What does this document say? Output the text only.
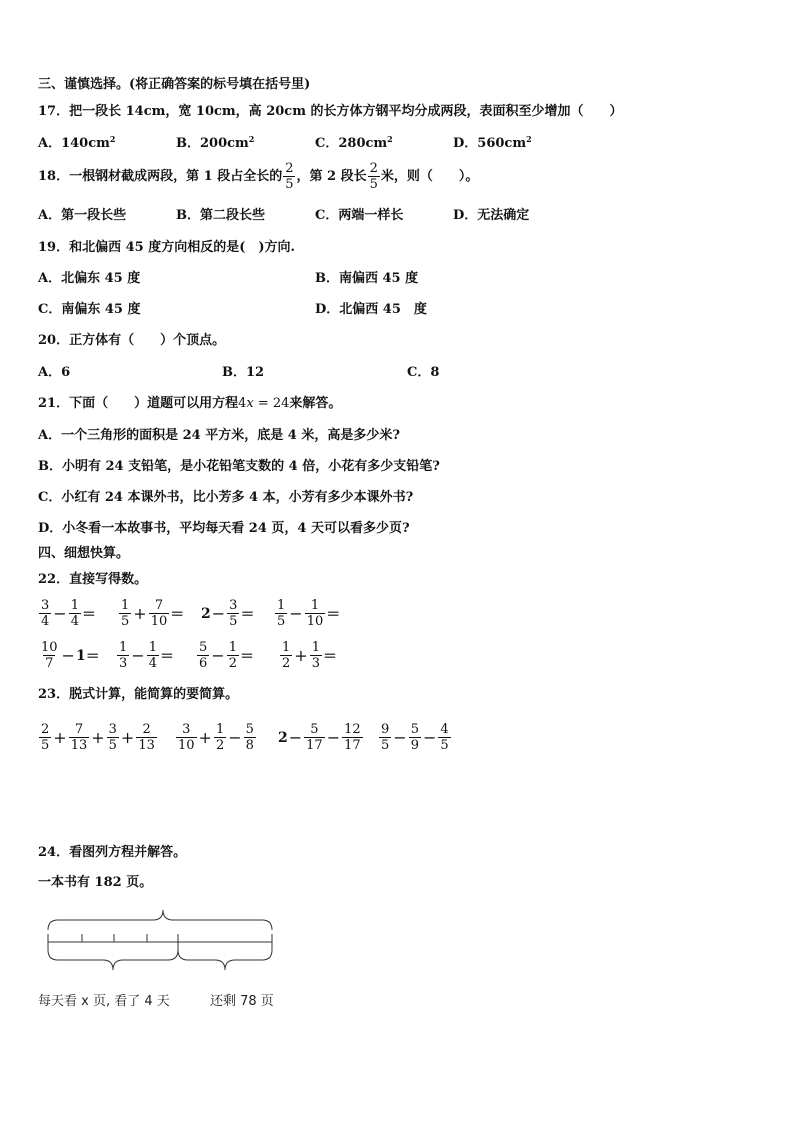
三、谨慎选择。(将正确答案的标号填在括号里)
17．把一段长 14cm，宽 10cm，高 20cm 的长方体方钢平均分成两段，表面积至少增加（　　）
A．$140cm^2$	B．$200cm^2$	C．$280cm^2$	D．$560cm^2$
18．一根钢材截成两段，第 1 段占全长的 $\frac{2}{5}$ ，第 2 段长 $\frac{2}{5}$ 米，则（　　）。
A．第一段长些	B．第二段长些	C．两端一样长	D．无法确定
19．和北偏西 45 度方向相反的是(　)方向.
A．北偏东 45 度	B．南偏西 45 度
C．南偏东 45 度	D．北偏西 45　度
20．正方体有（　　）个顶点。
A．6	B．12	C．8
21．下面（　　）道题可以用方程4x = 24来解答。
A．一个三角形的面积是 24 平方米，底是 4 米，高是多少米?
B．小明有 24 支铅笔，是小花铅笔支数的 4 倍，小花有多少支铅笔?
C．小红有 24 本课外书，比小芳多 4 本，小芳有多少本课外书?
D．小冬看一本故事书，平均每天看 24 页，4 天可以看多少页?
四、细想快算。
22．直接写得数。
$\frac{3}{4} - \frac{1}{4} = \frac{1}{5} + \frac{7}{10} = 2 - \frac{3}{5} = \frac{1}{5} - \frac{1}{10}$ ＝
$\frac{10}{7} - 1 = \frac{1}{3} - \frac{1}{4} = \frac{5}{6} - \frac{1}{2} = \frac{1}{2} + \frac{1}{3}$ ＝
23．脱式计算，能简算的要简算。
$\frac{2}{5} + \frac{7}{13} + \frac{3}{5} + \frac{2}{13} \frac{3}{10} + \frac{1}{2} - \frac{5}{8} 2 - \frac{5}{17} - \frac{12}{17} \frac{9}{5} - \frac{5}{9} - \frac{4}{5}$
24．看图列方程并解答。
一本书有 182 页。
每天看 x 页, 看了 4 天	还剩 78 页
